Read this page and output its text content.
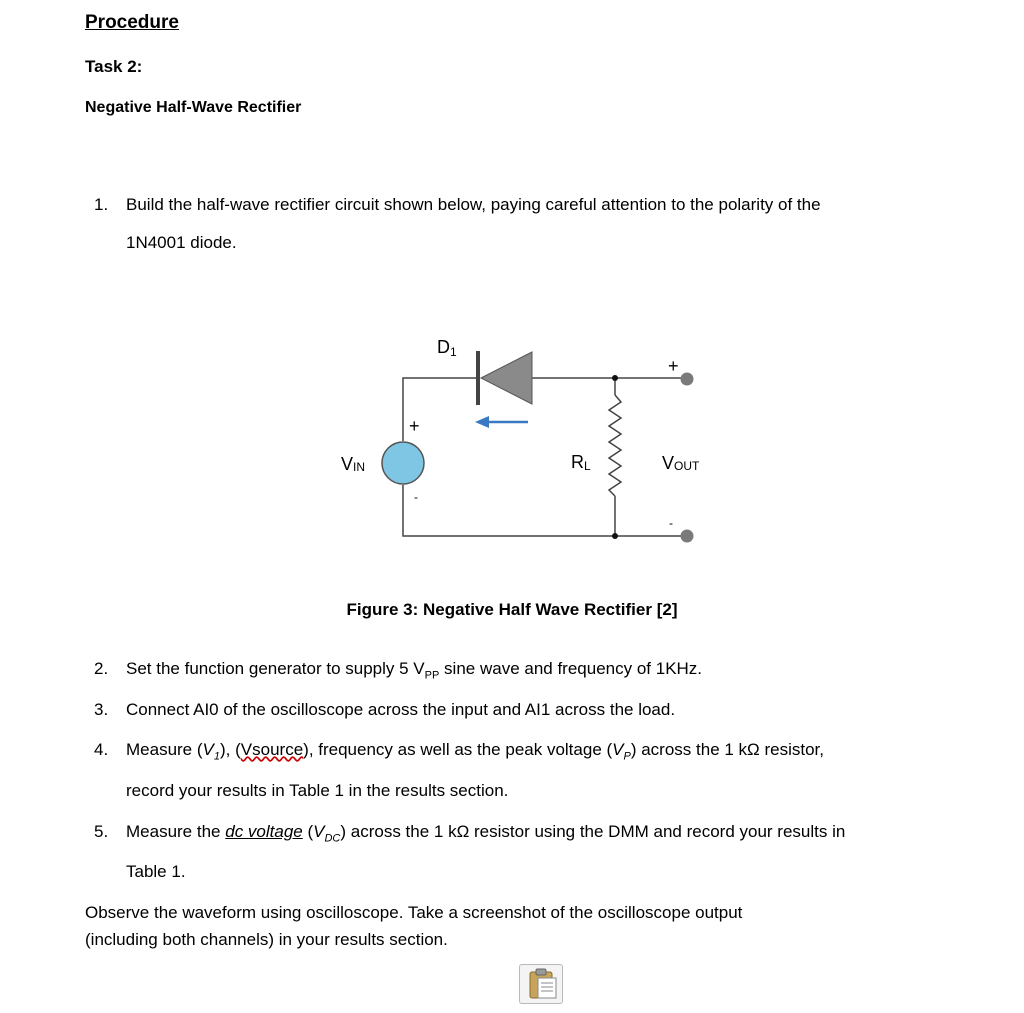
Procedure
Task 2:
Negative Half-Wave Rectifier
1. Build the half-wave rectifier circuit shown below, paying careful attention to the polarity of the
1N4001 diode.
D1
VIN	RL	VOUT
+
-
+
-
Figure 3: Negative Half Wave Rectifier [2]
2. Set the function generator to supply 5 $V_{PP}$ sine wave and frequency of 1KHz.
3. Connect AI0 of the oscilloscope across the input and AI1 across the load.
4. Measure $(V_1)$, (Vsource), frequency as well as the peak voltage $(V_P)$ across the 1 kΩ resistor,
record your results in Table 1 in the results section.
5. Measure the dc voltage $(V_{DC})$ across the 1 kΩ resistor using the DMM and record your results in
Table 1.
Observe the waveform using oscilloscope. Take a screenshot of the oscilloscope output
(including both channels) in your results section.
